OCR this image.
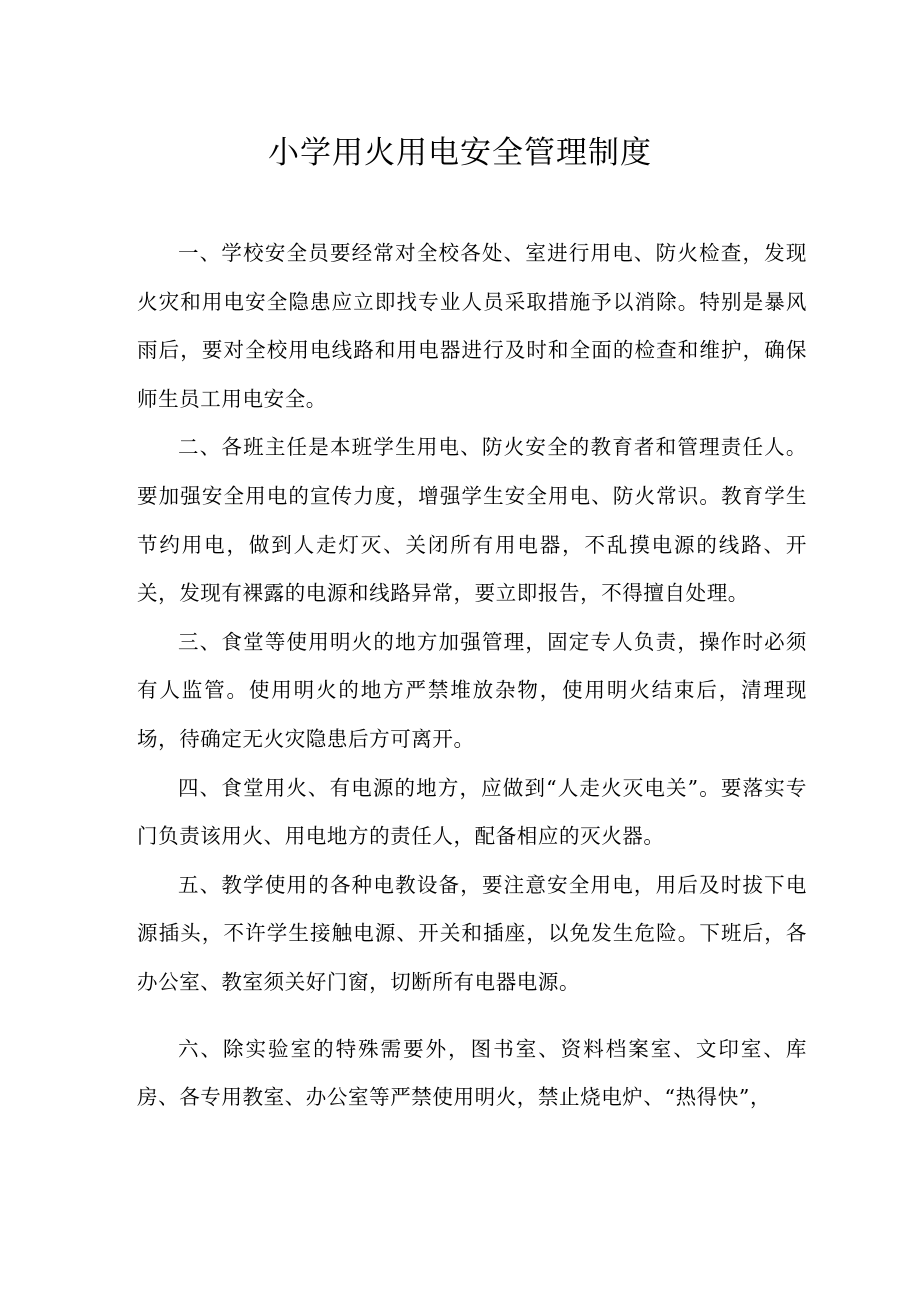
小学用火用电安全管理制度

一、学校安全员要经常对全校各处、室进行用电、防火检查，发现火灾和用电安全隐患应立即找专业人员采取措施予以消除。特别是暴风雨后，要对全校用电线路和用电器进行及时和全面的检查和维护，确保师生员工用电安全。

二、各班主任是本班学生用电、防火安全的教育者和管理责任人。要加强安全用电的宣传力度，增强学生安全用电、防火常识。教育学生节约用电，做到人走灯灭、关闭所有用电器，不乱摸电源的线路、开关，发现有裸露的电源和线路异常，要立即报告，不得擅自处理。

三、食堂等使用明火的地方加强管理，固定专人负责，操作时必须有人监管。使用明火的地方严禁堆放杂物，使用明火结束后，清理现场，待确定无火灾隐患后方可离开。

四、食堂用火、有电源的地方，应做到“人走火灭电关”。要落实专门负责该用火、用电地方的责任人，配备相应的灭火器。

五、教学使用的各种电教设备，要注意安全用电，用后及时拔下电源插头，不许学生接触电源、开关和插座，以免发生危险。下班后，各办公室、教室须关好门窗，切断所有电器电源。

六、除实验室的特殊需要外，图书室、资料档案室、文印室、库房、各专用教室、办公室等严禁使用明火，禁止烧电炉、“热得快”，
